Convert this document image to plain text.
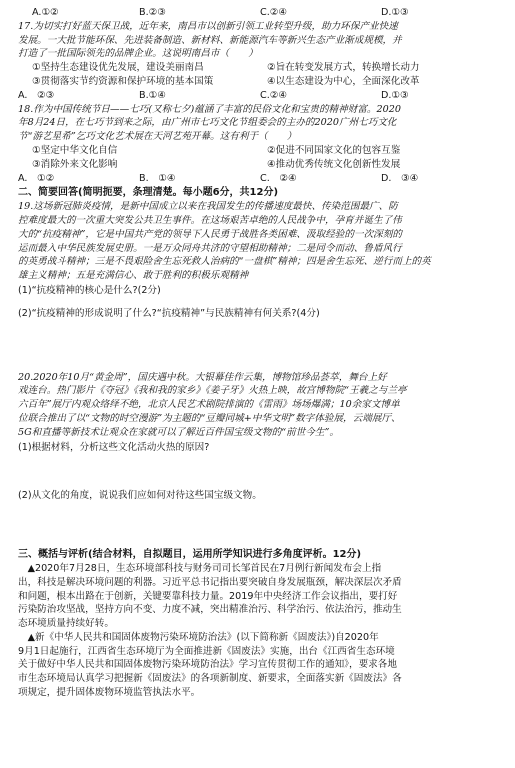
A.①②	B.②③	C.②④	D.①③
17.为切实打好蓝天保卫战，近年来，南昌市以创新引领工业转型升级，助力环保产业快速
发展。一大批节能环保、先进装备制造、新材料、新能源汽车等新兴生态产业渐成规模，并
打造了一批国际领先的品牌企业。这说明南昌市（　　）
①坚持生态建设优先发展，建设美丽南昌	②旨在转变发展方式，转换增长动力
③贯彻落实节约资源和保护环境的基本国策	④以生态建设为中心，全面深化改革
A.　②③	B.①④	C.②④	D.①③
18.作为中国传统节日——七巧(又称七夕)蕴涵了丰富的民俗文化和宝贵的精神财富。2020
年8月24日，在七巧节到来之际，由广州市七巧文化节组委会的主办的2020广州七巧文化
节“游艺星希”乞巧文化艺术展在天河艺苑开幕。这有利于（　　）
①坚定中华文化自信	②促进不同国家文化的包容互鉴
③消除外来文化影响	④推动优秀传统文化创新性发展
A.　①②	B.　①④	C.　②④	D.　③④
二、简要回答(简明扼要，条理清楚。每小题6分，共12分)
19.这场新冠肺炎疫情，是新中国成立以来在我国发生的传播速度最快、传染范围最广、防
控难度最大的一次重大突发公共卫生事件。在这场艰苦卓绝的人民战争中，孕育并诞生了伟
大的“抗疫精神”，它是中国共产党的领导下人民勇于战胜各类困难、汲取经验的一次深刻的
运而最入中华民族发展史册。一是万众同舟共济的守望相助精神；二是同令而动、鲁盾风行
的英勇战斗精神；三是不畏艰险舍生忘死救人治病的“一盘棋”精神；四是舍生忘死、逆行而上的英
雄主义精神；五是充满信心、敢于胜利的积极乐观精神
(1)“抗疫精神的核心是什么?(2分)
(2)“抗疫精神的形成说明了什么?“抗疫精神”与民族精神有何关系?(4分)
20.2020年10月“黄金周”，国庆遇中秋。大银幕佳作云集，博物馆珍品荟萃，舞台上好
戏连台。热门影片《夺冠》《我和我的家乡》《姜子牙》火热上映，故宫博物院“王羲之与兰亭
六百年”展厅内观众络绎不绝，北京人民艺术剧院排演的《雷雨》场场爆满；10余家文博单
位联合推出了以“文物的时空漫游”为主题的“豆瓣同城+中华文明”数字体验展，云端展厅、
5G和直播等新技术让观众在家就可以了解近百件国宝级文物的“前世今生”。
(1)根据材料，分析这些文化活动火热的原因?
(2)从文化的角度，说说我们应如何对待这些国宝级文物。
三、概括与评析(结合材料，自拟题目，运用所学知识进行多角度评析。12分)
　▲2020年7月28日，生态环境部科技与财务司司长邹首民在7月例行新闻发布会上指
出，科技是解决环境问题的利器。习近平总书记指出要突破自身发展瓶颈，解决深层次矛盾
和问题，根本出路在于创新，关键要靠科技力量。2019年中央经济工作会议指出，要打好
污染防治攻坚战，坚持方向不变、力度不减，突出精准治污、科学治污、依法治污，推动生
态环境质量持续好转。
　▲新《中华人民共和国固体废物污染环境防治法》(以下简称新《固废法》)自2020年
9月1日起施行，江西省生态环境厅为全面推进新《固废法》实施，出台《江西省生态环境
关于做好中华人民共和国固体废物污染环境防治法》学习宣传贯彻工作的通知》，要求各地
市生态环境局认真学习把握新《固废法》的各项新制度、新要求，全面落实新《固废法》各
项规定，提升固体废物环境监管执法水平。
